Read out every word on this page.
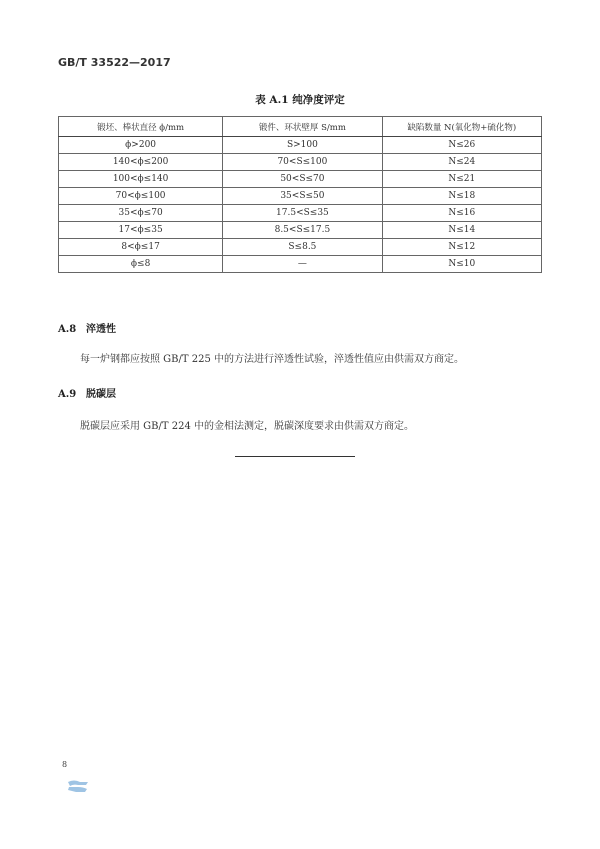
GB/T 33522—2017
表 A.1 纯净度评定
锻坯、棒状直径 ϕ/mm	锻件、环状壁厚 S/mm	缺陷数量 N(氧化物+硫化物)
ϕ>200	S>100	N≤26
140<ϕ≤200	70<S≤100	N≤24
100<ϕ≤140	50<S≤70	N≤21
70<ϕ≤100	35<S≤50	N≤18
35<ϕ≤70	17.5<S≤35	N≤16
17<ϕ≤35	8.5<S≤17.5	N≤14
8<ϕ≤17	S≤8.5	N≤12
ϕ≤8	—	N≤10
A.8 淬透性
每一炉钢都应按照 GB/T 225 中的方法进行淬透性试验，淬透性值应由供需双方商定。
A.9 脱碳层
脱碳层应采用 GB/T 224 中的金相法测定，脱碳深度要求由供需双方商定。
8
